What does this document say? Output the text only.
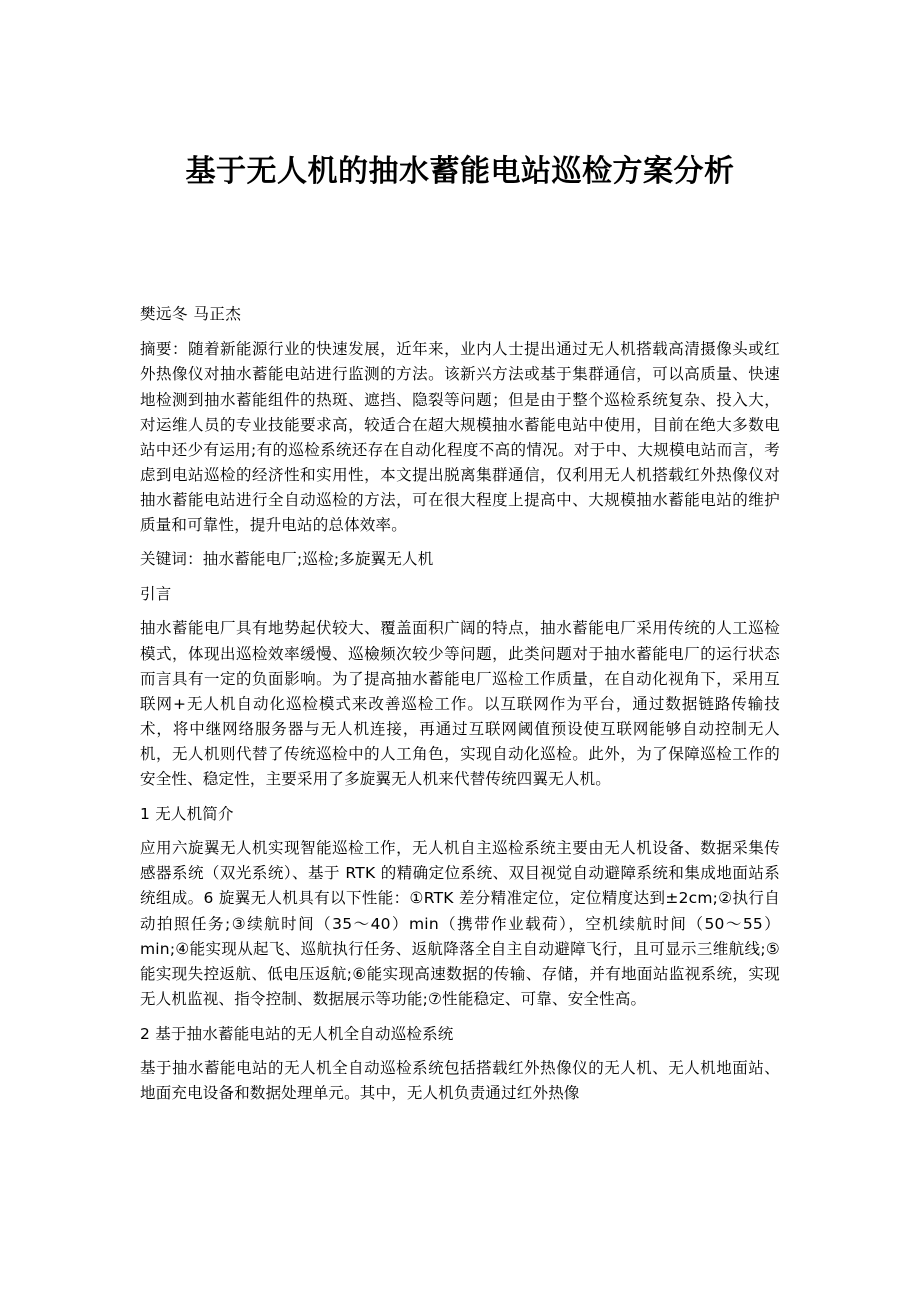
基于无人机的抽水蓄能电站巡检方案分析
樊远冬 马正杰
摘要：随着新能源行业的快速发展，近年来，业内人士提出通过无人机搭载高清摄像头或红外热像仪对抽水蓄能电站进行监测的方法。该新兴方法或基于集群通信，可以高质量、快速地检测到抽水蓄能组件的热斑、遮挡、隐裂等问题；但是由于整个巡检系统复杂、投入大，对运维人员的专业技能要求高，较适合在超大规模抽水蓄能电站中使用，目前在绝大多数电站中还少有运用;有的巡检系统还存在自动化程度不高的情况。对于中、大规模电站而言，考虑到电站巡检的经济性和实用性，本文提出脱离集群通信，仅利用无人机搭载红外热像仪对抽水蓄能电站进行全自动巡检的方法，可在很大程度上提高中、大规模抽水蓄能电站的维护质量和可靠性，提升电站的总体效率。
关键词：抽水蓄能电厂;巡检;多旋翼无人机
引言
抽水蓄能电厂具有地势起伏较大、覆盖面积广阔的特点，抽水蓄能电厂采用传统的人工巡检模式，体现出巡检效率缓慢、巡檢频次较少等问题，此类问题对于抽水蓄能电厂的运行状态而言具有一定的负面影响。为了提高抽水蓄能电厂巡检工作质量，在自动化视角下，采用互联网+无人机自动化巡检模式来改善巡检工作。以互联网作为平台，通过数据链路传输技术，将中继网络服务器与无人机连接，再通过互联网阈值预设使互联网能够自动控制无人机，无人机则代替了传统巡检中的人工角色，实现自动化巡检。此外，为了保障巡检工作的安全性、稳定性，主要采用了多旋翼无人机来代替传统四翼无人机。
1 无人机简介
应用六旋翼无人机实现智能巡检工作，无人机自主巡检系统主要由无人机设备、数据采集传感器系统（双光系统）、基于 RTK 的精确定位系统、双目视觉自动避障系统和集成地面站系统组成。6 旋翼无人机具有以下性能：①RTK 差分精准定位，定位精度达到±2cm;②执行自动拍照任务;③续航时间（35～40）min（携带作业载荷），空机续航时间（50～55）min;④能实现从起飞、巡航执行任务、返航降落全自主自动避障飞行，且可显示三维航线;⑤能实现失控返航、低电压返航;⑥能实现高速数据的传输、存储，并有地面站监视系统，实现无人机监视、指令控制、数据展示等功能;⑦性能稳定、可靠、安全性高。
2 基于抽水蓄能电站的无人机全自动巡检系统
基于抽水蓄能电站的无人机全自动巡检系统包括搭载红外热像仪的无人机、无人机地面站、地面充电设备和数据处理单元。其中，无人机负责通过红外热像
